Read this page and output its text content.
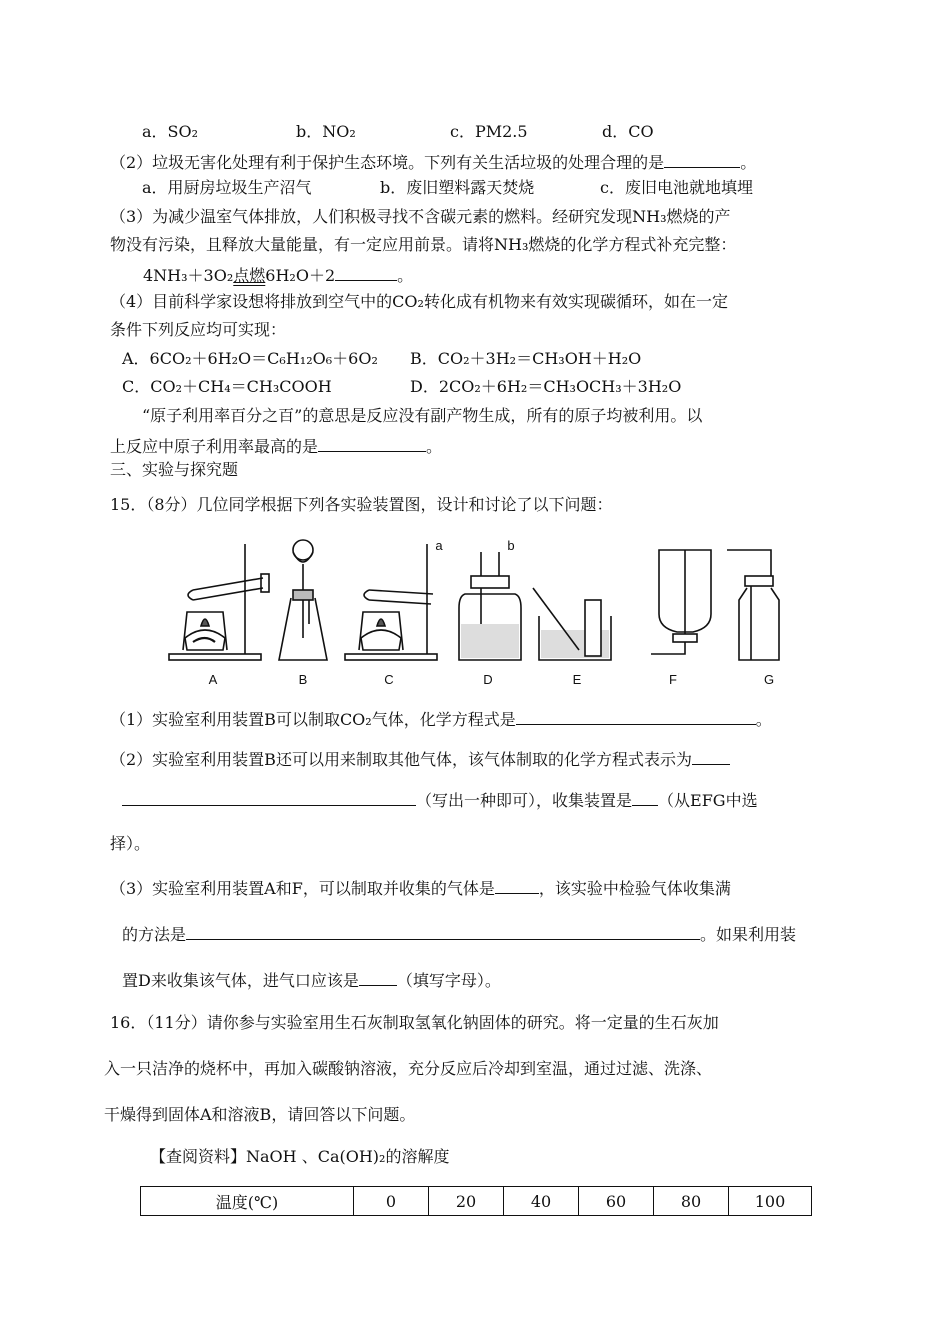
a．SO₂	b．NO₂	c．PM2.5	d．CO
（2）垃圾无害化处理有利于保护生态环境。下列有关生活垃圾的处理合理的是	。
a．用厨房垃圾生产沼气	b．废旧塑料露天焚烧	c．废旧电池就地填埋
（3）为减少温室气体排放，人们积极寻找不含碳元素的燃料。经研究发现NH₃燃烧的产
物没有污染，且释放大量能量，有一定应用前景。请将NH₃燃烧的化学方程式补充完整：
4NH₃＋3O₂点燃6H₂O＋2	。
（4）目前科学家设想将排放到空气中的CO₂转化成有机物来有效实现碳循环，如在一定
条件下列反应均可实现：
A．6CO₂＋6H₂O＝C₆H₁₂O₆＋6O₂ B．CO₂＋3H₂＝CH₃OH＋H₂O
C．CO₂＋CH₄＝CH₃COOH	D．2CO₂＋6H₂＝CH₃OCH₃＋3H₂O
“原子利用率百分之百”的意思是反应没有副产物生成，所有的原子均被利用。以
上反应中原子利用率最高的是	。
三、实验与探究题
15．（8分）几位同学根据下列各实验装置图，设计和讨论了以下问题：
A	B	C	D	E	F	G
a	b
（1）实验室利用装置B可以制取CO₂气体，化学方程式是	。
（2）实验室利用装置B还可以用来制取其他气体，该气体制取的化学方程式表示为
（写出一种即可），收集装置是 （从EFG中选
择）。
（3）实验室利用装置A和F，可以制取并收集的气体是	，该实验中检验气体收集满
的方法是	。如果利用装
置D来收集该气体，进气口应该是 （填写字母）。
16．（11分）请你参与实验室用生石灰制取氢氧化钠固体的研究。将一定量的生石灰加
入一只洁净的烧杯中，再加入碳酸钠溶液，充分反应后冷却到室温，通过过滤、洗涤、
干燥得到固体A和溶液B，请回答以下问题。
【查阅资料】NaOH 、Ca(OH)₂的溶解度
温度(℃)	0	20	40	60	80	100
